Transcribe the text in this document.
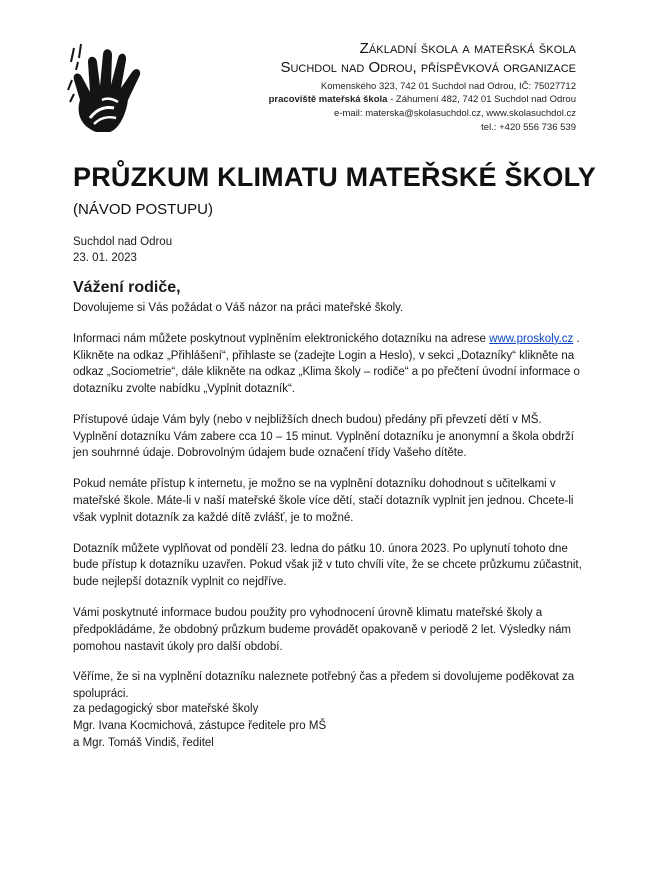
Základní škola a mateřská škola
Suchdol nad Odrou, příspěvková organizace
Komenského 323, 742 01 Suchdol nad Odrou, IČ: 75027712
pracoviště mateřská škola - Záhumení 482, 742 01 Suchdol nad Odrou
e-mail: materska@skolasuchdol.cz, www.skolasuchdol.cz
tel.: +420 556 736 539
PRŮZKUM KLIMATU MATEŘSKÉ ŠKOLY
(NÁVOD POSTUPU)
Suchdol nad Odrou
23. 01. 2023
Vážení rodiče,

Dovolujeme si Vás požádat o Váš názor na práci mateřské školy.

Informaci nám můžete poskytnout vyplněním elektronického dotazníku na adrese www.proskoly.cz . Klikněte na odkaz „Přihlášení“, přihlaste se (zadejte Login a Heslo), v sekci „Dotazníky“ klikněte na odkaz „Sociometrie“, dále klikněte na odkaz „Klima školy – rodiče“ a po přečtení úvodní informace o dotazníku zvolte nabídku „Vyplnit dotazník“.

Přístupové údaje Vám byly (nebo v nejbližších dnech budou) předány při převzetí dětí v MŠ. Vyplnění dotazníku Vám zabere cca 10 – 15 minut. Vyplnění dotazníku je anonymní a škola obdrží jen souhrnné údaje. Dobrovolným údajem bude označení třídy Vašeho dítěte.

Pokud nemáte přístup k internetu, je možno se na vyplnění dotazníku dohodnout s učitelkami v mateřské škole. Máte-li v naší mateřské škole více dětí, stačí dotazník vyplnit jen jednou. Chcete-li však vyplnit dotazník za každé dítě zvlášť, je to možné.

Dotazník můžete vyplňovat od pondělí 23. ledna do pátku 10. února 2023. Po uplynutí tohoto dne bude přístup k dotazníku uzavřen. Pokud však již v tuto chvíli víte, že se chcete průzkumu zúčastnit, bude nejlepší dotazník vyplnit co nejdříve.

Vámi poskytnuté informace budou použity pro vyhodnocení úrovně klimatu mateřské školy a předpokládáme, že obdobný průzkum budeme provádět opakovaně v periodě 2 let. Výsledky nám pomohou nastavit úkoly pro další období.

Věříme, že si na vyplnění dotazníku naleznete potřebný čas a předem si dovolujeme poděkovat za spolupráci.

za pedagogický sbor mateřské školy
Mgr. Ivana Kocmichová, zástupce ředitele pro MŠ
a Mgr. Tomáš Vindiš, ředitel
